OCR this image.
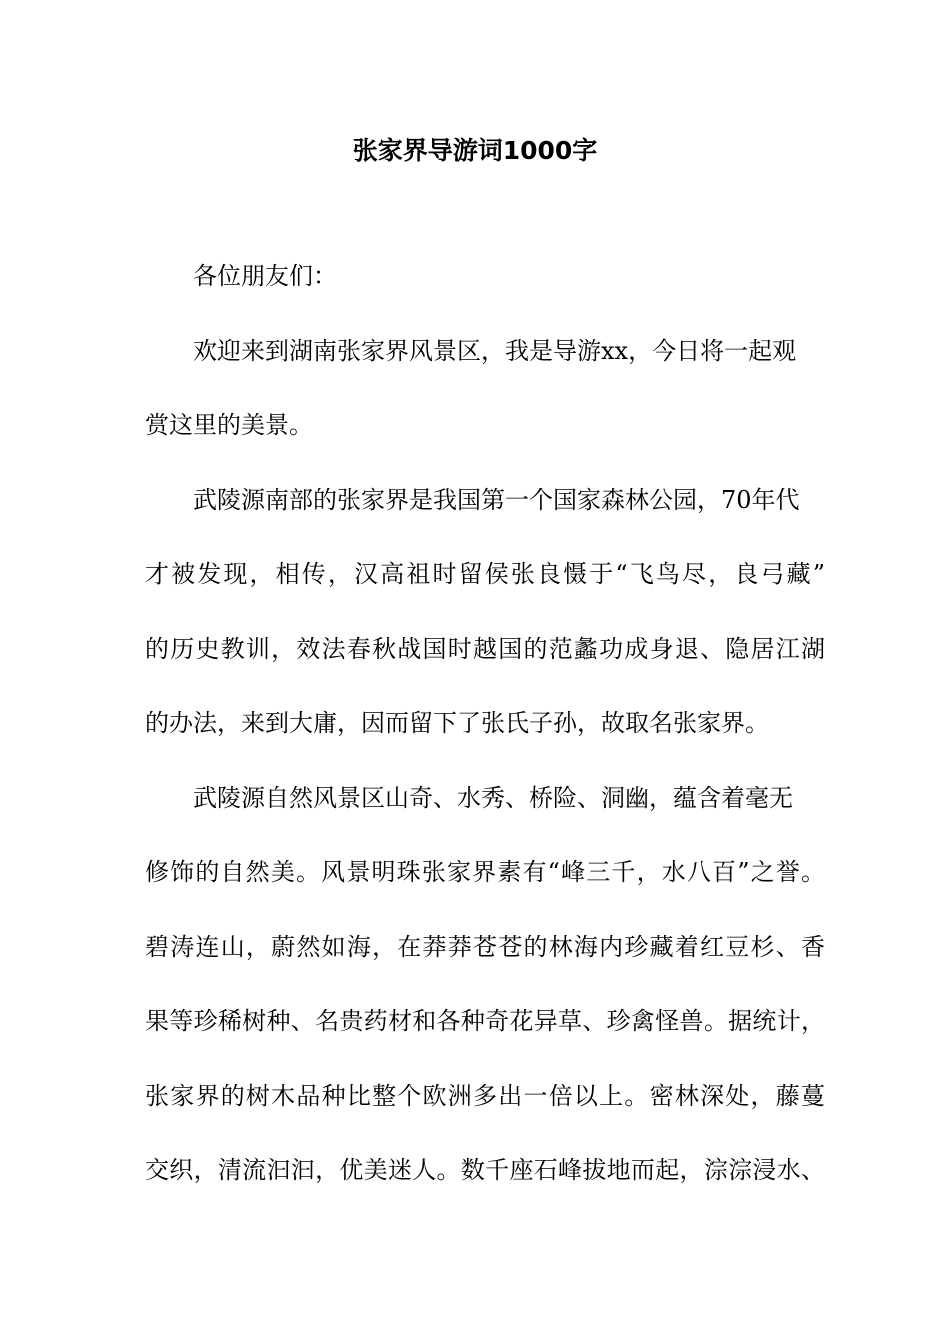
张家界导游词1000字
各位朋友们：
欢迎来到湖南张家界风景区，我是导游xx，今日将一起观
赏这里的美景。
武陵源南部的张家界是我国第一个国家森林公园，70年代
才被发现，相传，汉高祖时留侯张良慑于“飞鸟尽，良弓藏”
的历史教训，效法春秋战国时越国的范蠡功成身退、隐居江湖
的办法，来到大庸，因而留下了张氏子孙，故取名张家界。
武陵源自然风景区山奇、水秀、桥险、洞幽，蕴含着毫无
修饰的自然美。风景明珠张家界素有“峰三千，水八百”之誉。
碧涛连山，蔚然如海，在莽莽苍苍的林海内珍藏着红豆杉、香
果等珍稀树种、名贵药材和各种奇花异草、珍禽怪兽。据统计，
张家界的树木品种比整个欧洲多出一倍以上。密林深处，藤蔓
交织，清流汩汩，优美迷人。数千座石峰拔地而起，淙淙浸水、
